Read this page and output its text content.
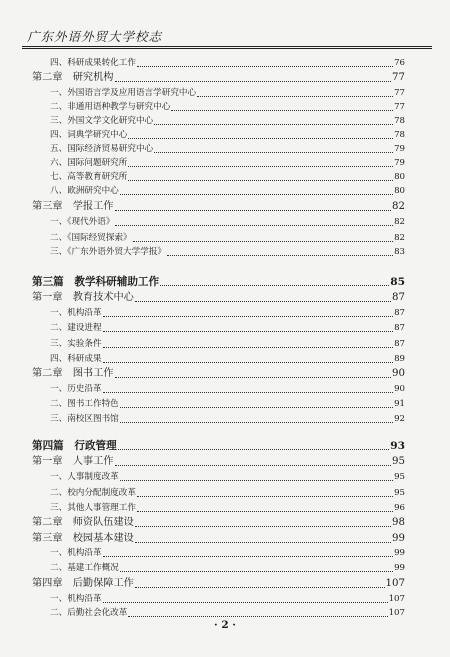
广东外语外贸大学校志
四、科研成果转化工作	76
第二章　研究机构	77
一、外国语言学及应用语言学研究中心	77
二、非通用语种教学与研究中心	77
三、外国文学文化研究中心	78
四、词典学研究中心	78
五、国际经济贸易研究中心	79
六、国际问题研究所	79
七、高等教育研究所	80
八、欧洲研究中心	80
第三章　学报工作	82
一、《现代外语》	82
二、《国际经贸探索》	82
三、《广东外语外贸大学学报》	83
第三篇　教学科研辅助工作	85
第一章　教育技术中心	87
一、机构沿革	87
二、建设进程	87
三、实验条件	87
四、科研成果	89
第二章　图书工作	90
一、历史沿革	90
二、图书工作特色	91
三、南校区图书馆	92
第四篇　行政管理	93
第一章　人事工作	95
一、人事制度改革	95
二、校内分配制度改革	95
三、其他人事管理工作	96
第二章　师资队伍建设	98
第三章　校园基本建设	99
一、机构沿革	99
二、基建工作概况	99
第四章　后勤保障工作	107
一、机构沿革	107
二、后勤社会化改革	107
· 2 ·
